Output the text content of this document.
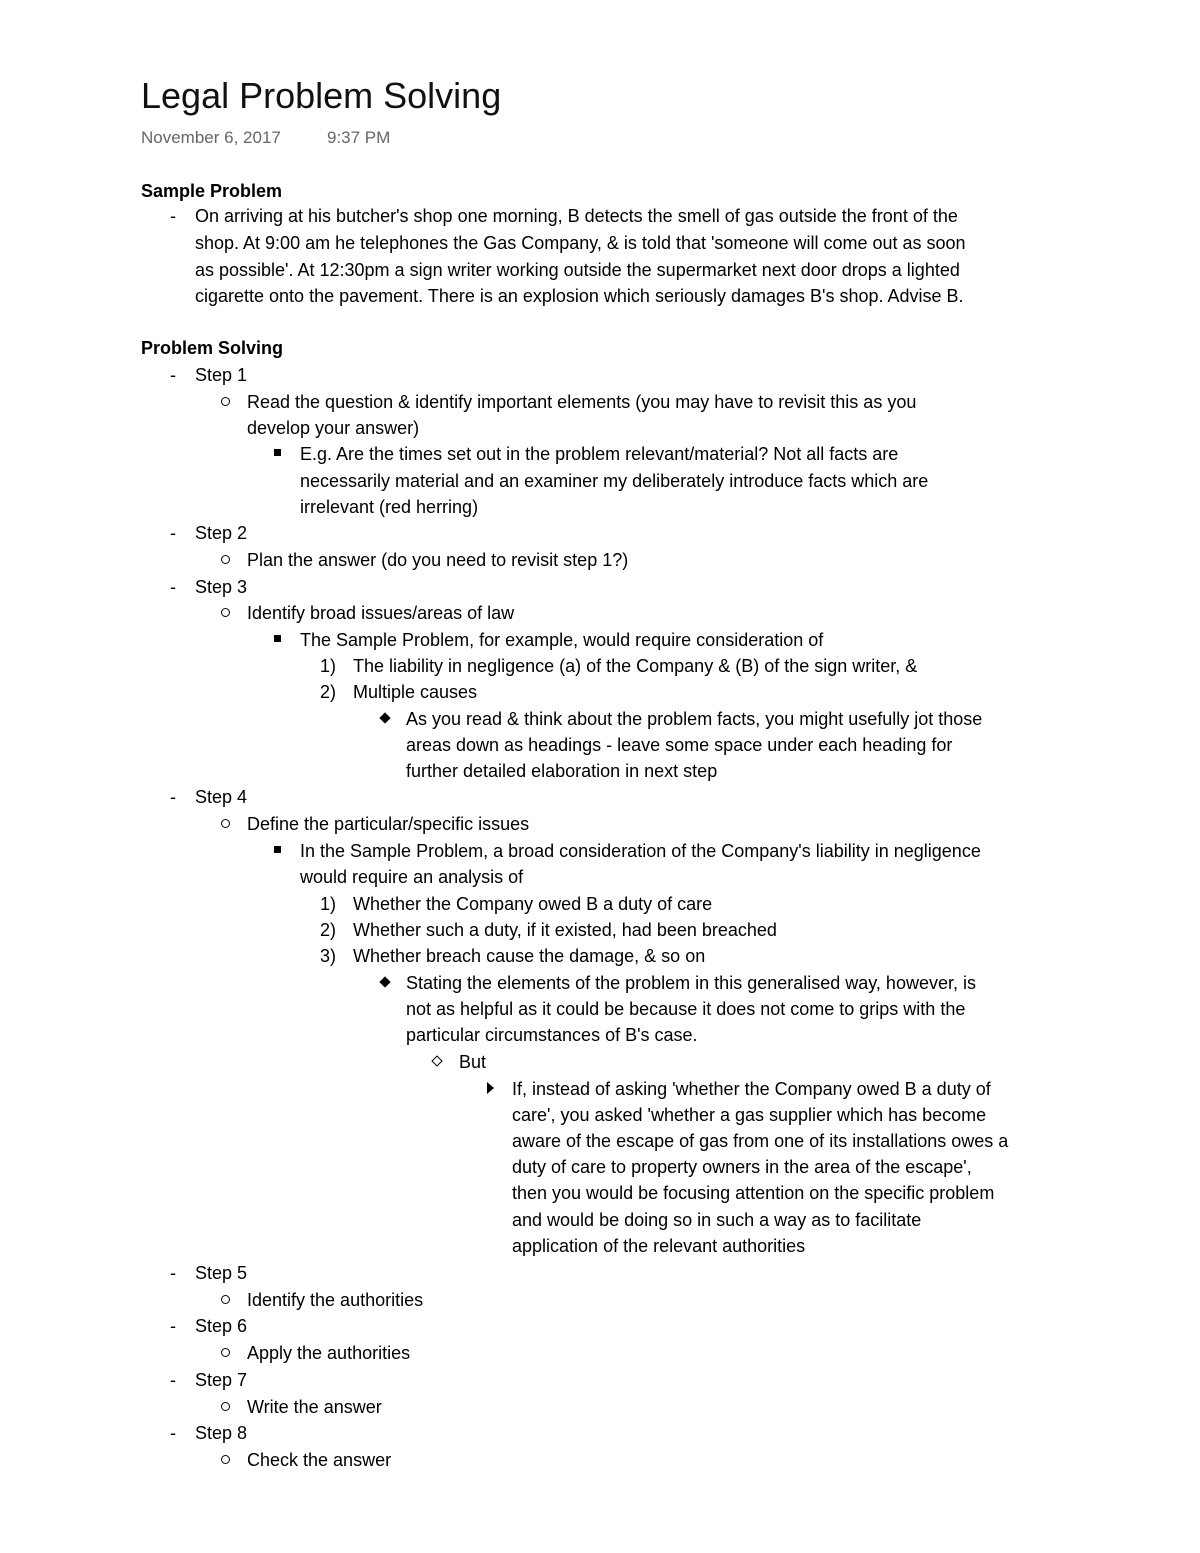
Legal Problem Solving
November 6, 2017	9:37 PM
Sample Problem
- On arriving at his butcher's shop one morning, B detects the smell of gas outside the front of the
shop. At 9:00 am he telephones the Gas Company, & is told that 'someone will come out as soon
as possible'. At 12:30pm a sign writer working outside the supermarket next door drops a lighted
cigarette onto the pavement. There is an explosion which seriously damages B's shop. Advise B.
Problem Solving
- Step 1
Read the question & identify important elements (you may have to revisit this as you
develop your answer)
E.g. Are the times set out in the problem relevant/material? Not all facts are
necessarily material and an examiner my deliberately introduce facts which are
irrelevant (red herring)
- Step 2
Plan the answer (do you need to revisit step 1?)
- Step 3
Identify broad issues/areas of law
The Sample Problem, for example, would require consideration of
1) The liability in negligence (a) of the Company & (B) of the sign writer, &
2) Multiple causes
As you read & think about the problem facts, you might usefully jot those
areas down as headings - leave some space under each heading for
further detailed elaboration in next step
- Step 4
Define the particular/specific issues
In the Sample Problem, a broad consideration of the Company's liability in negligence
would require an analysis of
1) Whether the Company owed B a duty of care
2) Whether such a duty, if it existed, had been breached
3) Whether breach cause the damage, & so on
Stating the elements of the problem in this generalised way, however, is
not as helpful as it could be because it does not come to grips with the
particular circumstances of B's case.
But
If, instead of asking 'whether the Company owed B a duty of
care', you asked 'whether a gas supplier which has become
aware of the escape of gas from one of its installations owes a
duty of care to property owners in the area of the escape',
then you would be focusing attention on the specific problem
and would be doing so in such a way as to facilitate
application of the relevant authorities
- Step 5
Identify the authorities
- Step 6
Apply the authorities
- Step 7
Write the answer
- Step 8
Check the answer
